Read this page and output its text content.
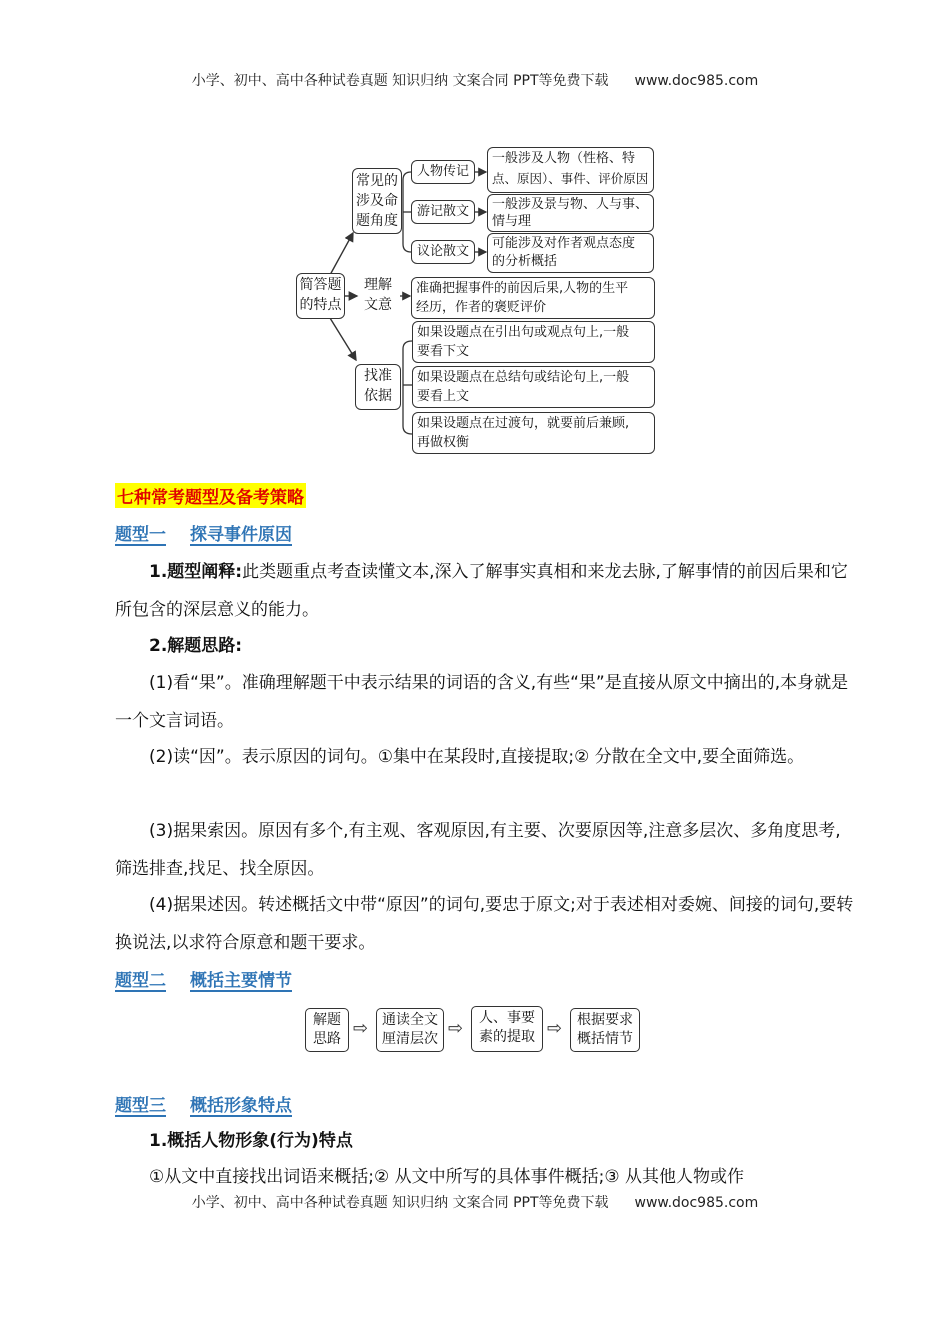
小学、初中、高中各种试卷真题 知识归纳 文案合同 PPT等免费下载 www.doc985.com
简答题
的特点
常见的
涉及命
题角度
人物传记
游记散文
议论散文
一般涉及人物（性格、特
点、原因）、事件、评价原因
一般涉及景与物、人与事、
情与理
可能涉及对作者观点态度
的分析概括
理解
文意
准确把握事件的前因后果,人物的生平
经历，作者的褒贬评价
找准
依据
如果设题点在引出句或观点句上,一般
要看下文
如果设题点在总结句或结论句上,一般
要看上文
如果设题点在过渡句，就要前后兼顾,
再做权衡
七种常考题型及备考策略
题型一 探寻事件原因
1.题型阐释:此类题重点考查读懂文本,深入了解事实真相和来龙去脉,了解事情的前因后果和它所包含的深层意义的能力。
2.解题思路:
(1)看“果”。准确理解题干中表示结果的词语的含义,有些“果”是直接从原文中摘出的,本身就是一个文言词语。
(2)读“因”。表示原因的词句。①集中在某段时,直接提取;② 分散在全文中,要全面筛选。
(3)据果索因。原因有多个,有主观、客观原因,有主要、次要原因等,注意多层次、多角度思考,筛选排查,找足、找全原因。
(4)据果述因。转述概括文中带“原因”的词句,要忠于原文;对于表述相对委婉、间接的词句,要转换说法,以求符合原意和题干要求。
题型二 概括主要情节
解题
思路 ⇨ 通读全文
厘清层次 ⇨	人、事要
素的提取 ⇨	根据要求
概括情节
题型三 概括形象特点
1.概括人物形象(行为)特点
①从文中直接找出词语来概括;② 从文中所写的具体事件概括;③ 从其他人物或作
小学、初中、高中各种试卷真题 知识归纳 文案合同 PPT等免费下载 www.doc985.com
